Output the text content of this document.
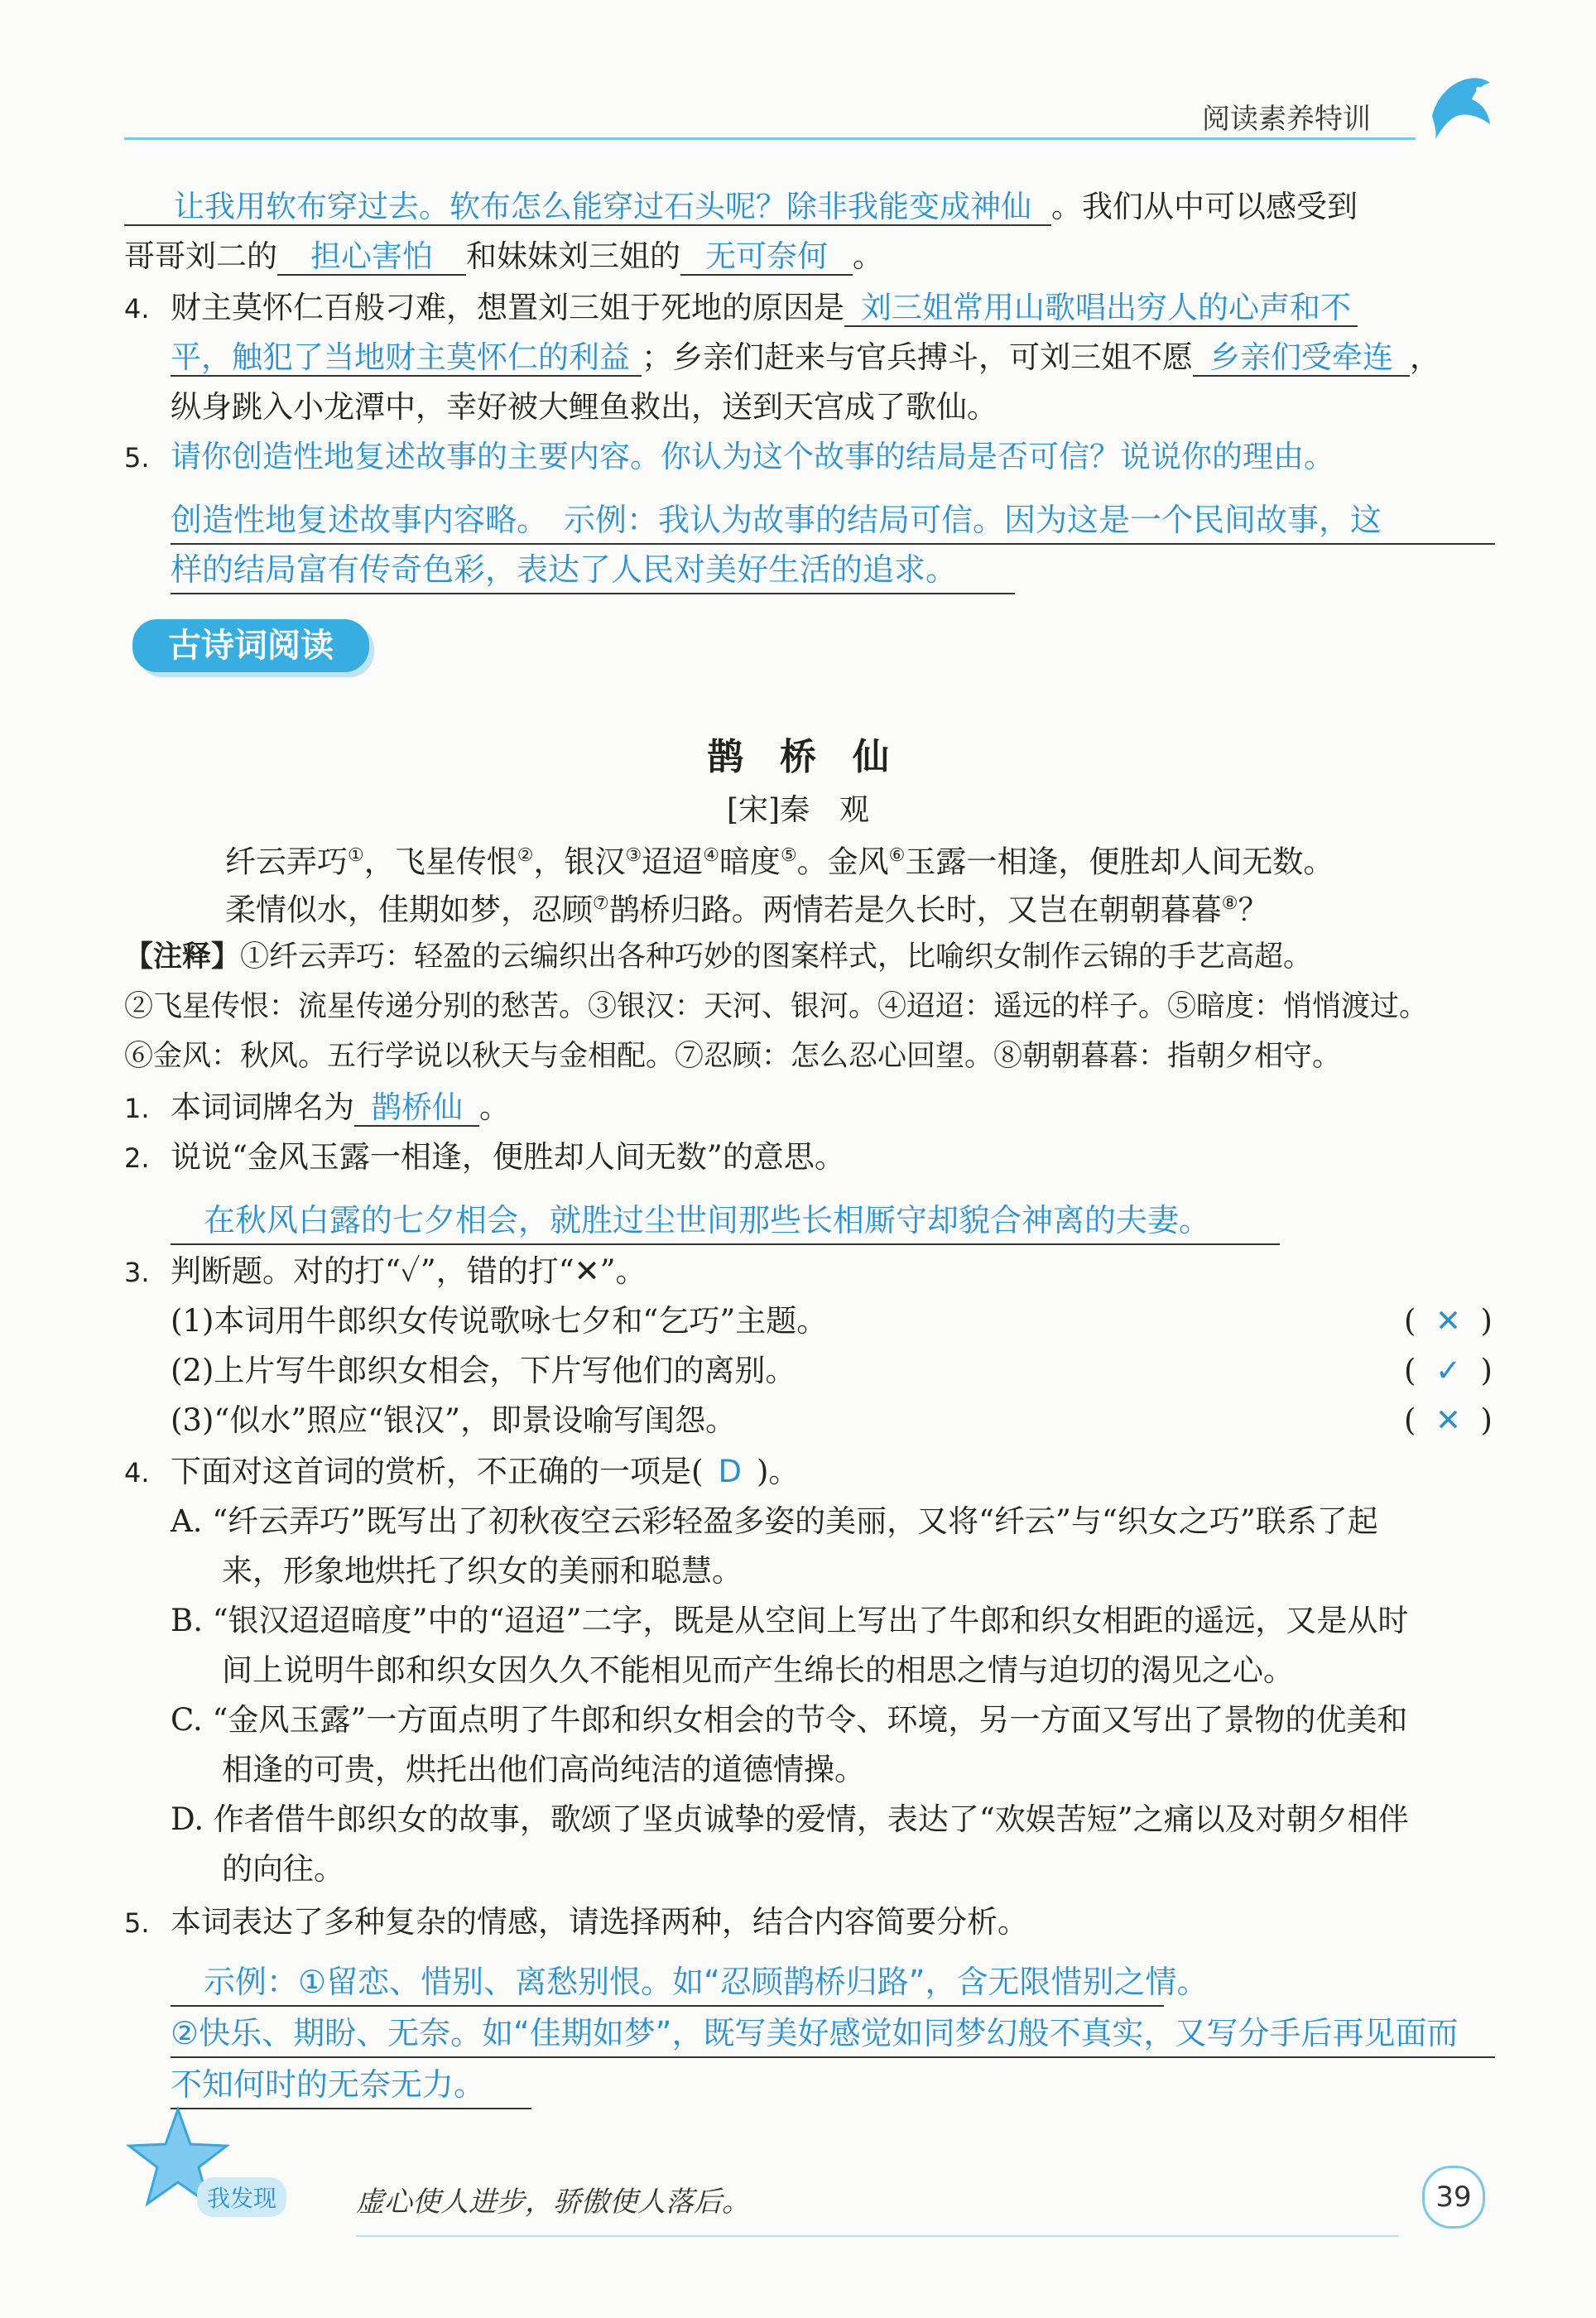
阅读素养特训
让我用软布穿过去。软布怎么能穿过石头呢？除非我能变成神仙 。我们从中可以感受到
哥哥刘二的 担心害怕 和妹妹刘三姐的 无可奈何 。
4. 财主莫怀仁百般刁难，想置刘三姐于死地的原因是 刘三姐常用山歌唱出穷人的心声和不
平，触犯了当地财主莫怀仁的利益 ；乡亲们赶来与官兵搏斗，可刘三姐不愿 乡亲们受牵连 ，
纵身跳入小龙潭中，幸好被大鲤鱼救出，送到天宫成了歌仙。
5. 请你创造性地复述故事的主要内容。你认为这个故事的结局是否可信？说说你的理由。
创造性地复述故事内容略。　示例：我认为故事的结局可信。因为这是一个民间故事，这
样的结局富有传奇色彩，表达了人民对美好生活的追求。
古诗词阅读
鹊　桥　仙
[宋]秦　观
纤云弄巧①，飞星传恨②，银汉③迢迢④暗度⑤。金风⑥玉露一相逢，便胜却人间无数。
柔情似水，佳期如梦，忍顾⑦鹊桥归路。两情若是久长时，又岂在朝朝暮暮⑧？
【注释】①纤云弄巧：轻盈的云编织出各种巧妙的图案样式，比喻织女制作云锦的手艺高超。
②飞星传恨：流星传递分别的愁苦。③银汉：天河、银河。④迢迢：遥远的样子。⑤暗度：悄悄渡过。
⑥金风：秋风。五行学说以秋天与金相配。⑦忍顾：怎么忍心回望。⑧朝朝暮暮：指朝夕相守。
1. 本词词牌名为 鹊桥仙 。
2. 说说“金风玉露一相逢，便胜却人间无数”的意思。
在秋风白露的七夕相会，就胜过尘世间那些长相厮守却貌合神离的夫妻。
3. 判断题。对的打“✓”，错的打“✕”。
(1)本词用牛郎织女传说歌咏七夕和“乞巧”主题。	(  ✕  )
(2)上片写牛郎织女相会，下片写他们的离别。	(  ✓  )
(3)“似水”照应“银汉”，即景设喻写闺怨。	(  ✕  )
4. 下面对这首词的赏析，不正确的一项是( D )。
A. “纤云弄巧”既写出了初秋夜空云彩轻盈多姿的美丽，又将“纤云”与“织女之巧”联系了起
来，形象地烘托了织女的美丽和聪慧。
B. “银汉迢迢暗度”中的“迢迢”二字，既是从空间上写出了牛郎和织女相距的遥远，又是从时
间上说明牛郎和织女因久久不能相见而产生绵长的相思之情与迫切的渴见之心。
C. “金风玉露”一方面点明了牛郎和织女相会的节令、环境，另一方面又写出了景物的优美和
相逢的可贵，烘托出他们高尚纯洁的道德情操。
D. 作者借牛郎织女的故事，歌颂了坚贞诚挚的爱情，表达了“欢娱苦短”之痛以及对朝夕相伴
的向往。
5. 本词表达了多种复杂的情感，请选择两种，结合内容简要分析。
示例：①留恋、惜别、离愁别恨。如“忍顾鹊桥归路”，含无限惜别之情。
②快乐、期盼、无奈。如“佳期如梦”，既写美好感觉如同梦幻般不真实，又写分手后再见面而
不知何时的无奈无力。
我发现	虚心使人进步，骄傲使人落后。	39
